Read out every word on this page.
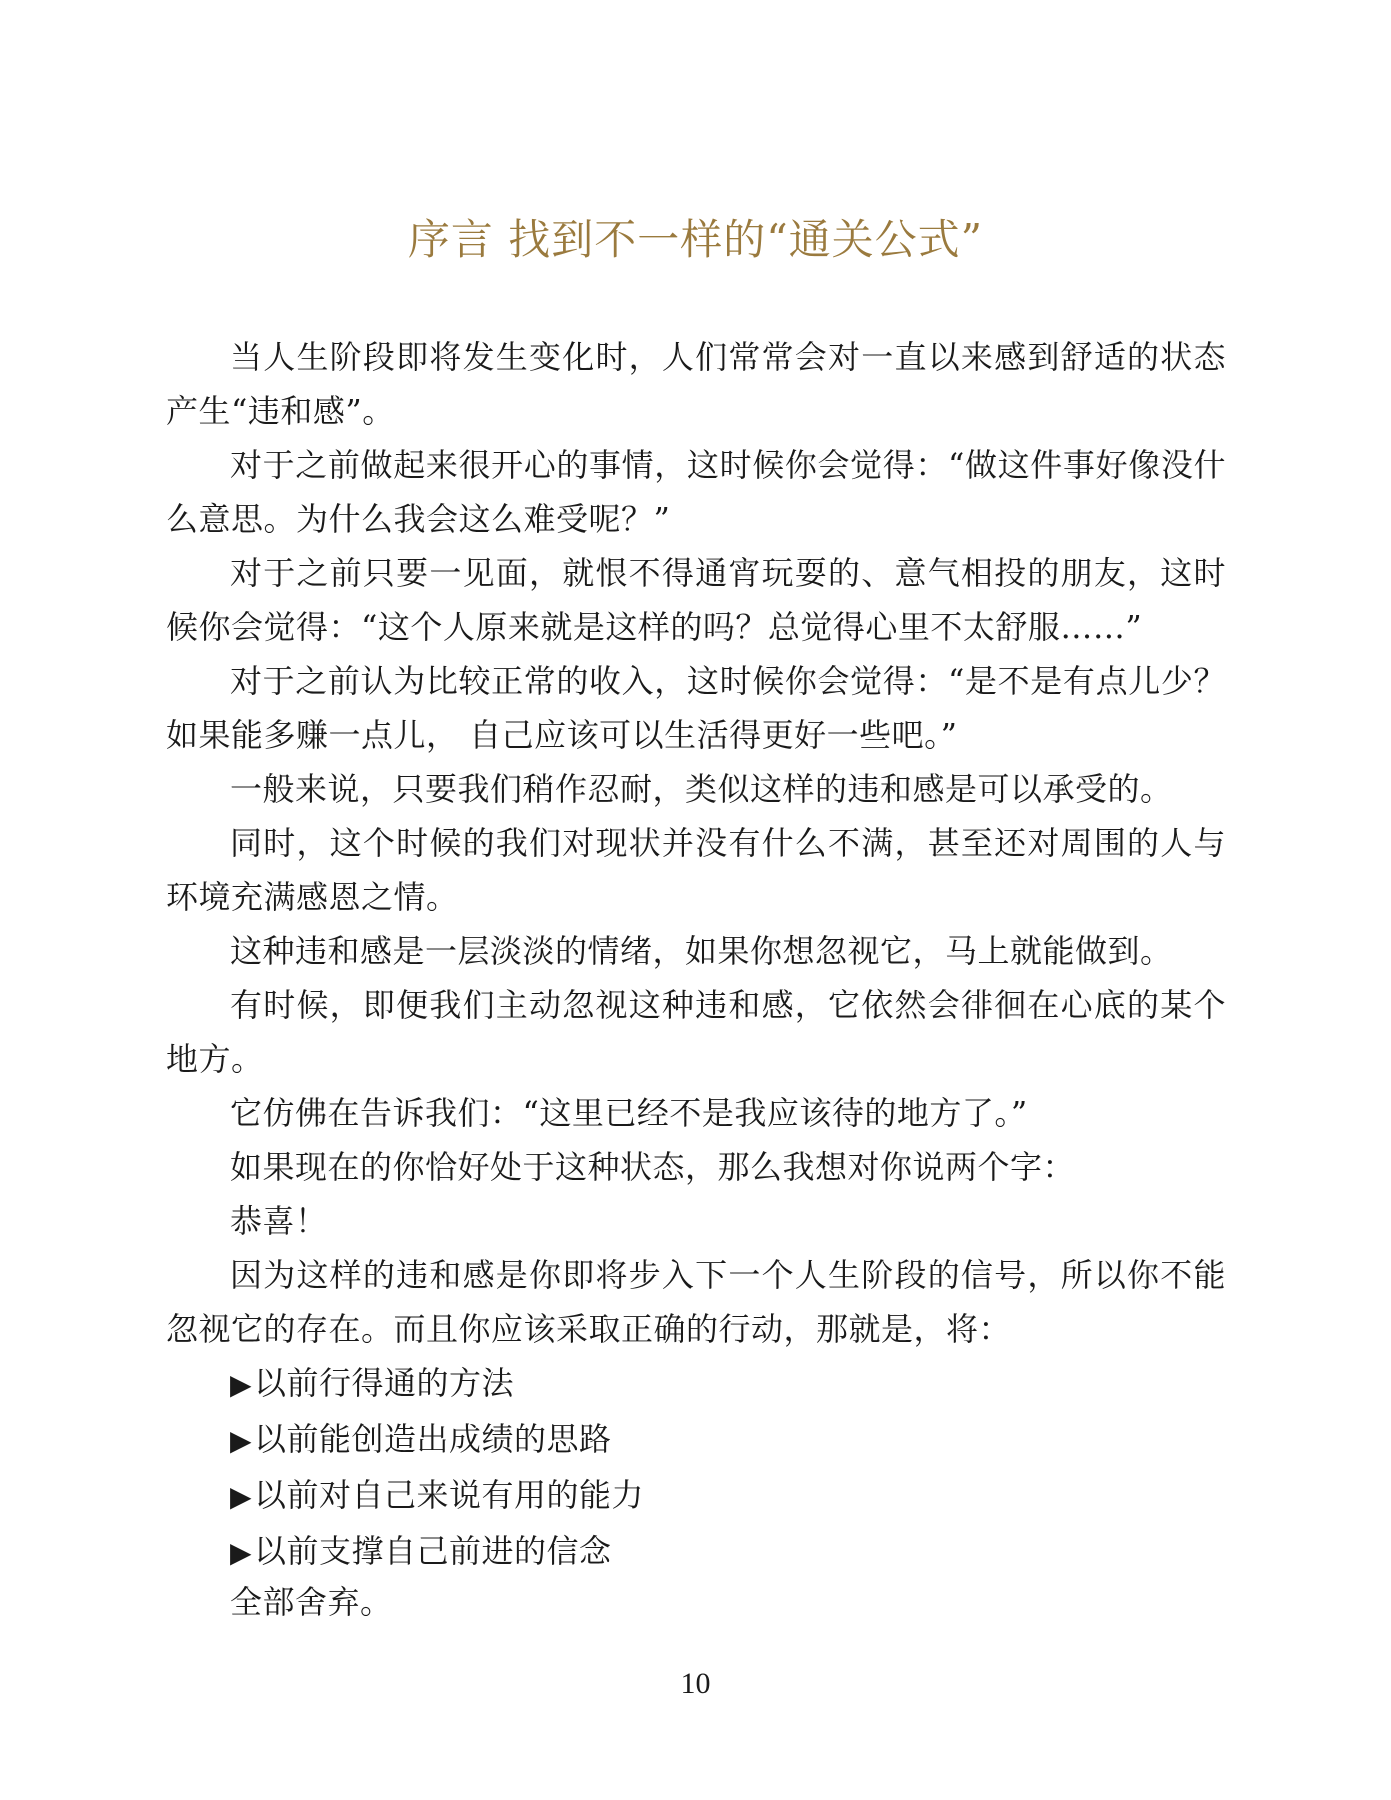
序言 找到不一样的“通关公式”

当人生阶段即将发生变化时，人们常常会对一直以来感到舒适的状态产生“违和感”。

对于之前做起来很开心的事情，这时候你会觉得：“做这件事好像没什么意思。为什么我会这么难受呢？”

对于之前只要一见面，就恨不得通宵玩耍的、意气相投的朋友，这时候你会觉得：“这个人原来就是这样的吗？总觉得心里不太舒服……”

对于之前认为比较正常的收入，这时候你会觉得：“是不是有点儿少？如果能多赚一点儿， 自己应该可以生活得更好一些吧。”

一般来说，只要我们稍作忍耐，类似这样的违和感是可以承受的。

同时，这个时候的我们对现状并没有什么不满，甚至还对周围的人与环境充满感恩之情。

这种违和感是一层淡淡的情绪，如果你想忽视它，马上就能做到。

有时候，即便我们主动忽视这种违和感，它依然会徘徊在心底的某个地方。

它仿佛在告诉我们：“这里已经不是我应该待的地方了。”

如果现在的你恰好处于这种状态，那么我想对你说两个字：

恭喜！

因为这样的违和感是你即将步入下一个人生阶段的信号，所以你不能忽视它的存在。而且你应该采取正确的行动，那就是，将：

▶以前行得通的方法
▶以前能创造出成绩的思路
▶以前对自己来说有用的能力
▶以前支撑自己前进的信念

全部舍弃。

10
